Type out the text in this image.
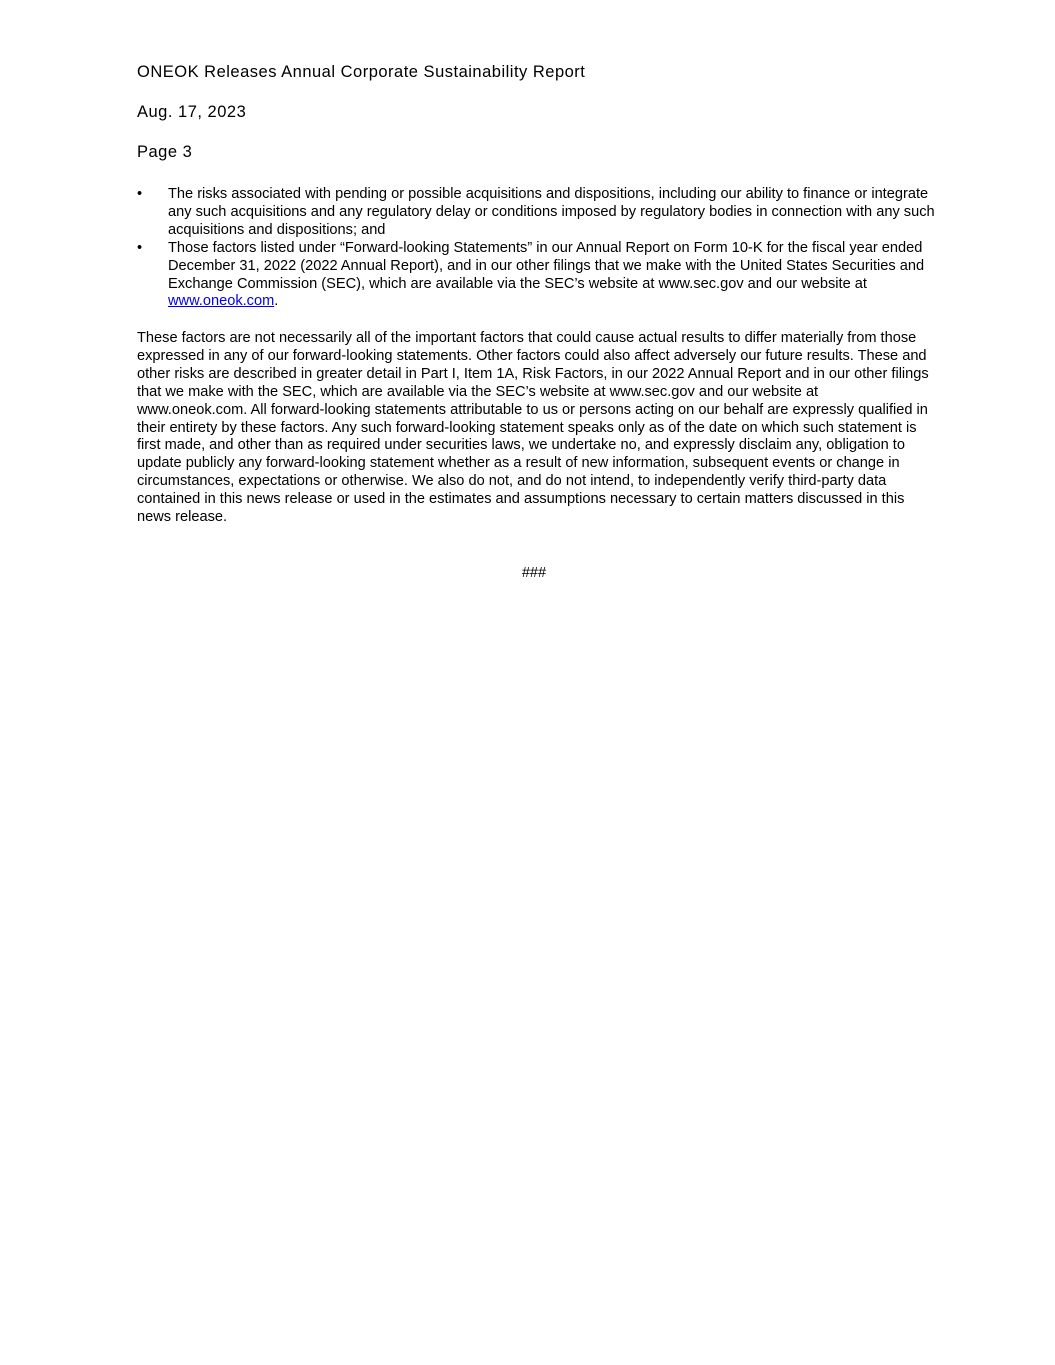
ONEOK Releases Annual Corporate Sustainability Report
Aug. 17, 2023
Page 3
•	The risks associated with pending or possible acquisitions and dispositions, including our ability to finance or integrate any such acquisitions and any regulatory delay or conditions imposed by regulatory bodies in connection with any such acquisitions and dispositions; and
•	Those factors listed under “Forward-looking Statements” in our Annual Report on Form 10-K for the fiscal year ended December 31, 2022 (2022 Annual Report), and in our other filings that we make with the United States Securities and Exchange Commission (SEC), which are available via the SEC’s website at www.sec.gov and our website at www.oneok.com.

These factors are not necessarily all of the important factors that could cause actual results to differ materially from those expressed in any of our forward-looking statements. Other factors could also affect adversely our future results. These and other risks are described in greater detail in Part I, Item 1A, Risk Factors, in our 2022 Annual Report and in our other filings that we make with the SEC, which are available via the SEC’s website at www.sec.gov and our website at www.oneok.com. All forward-looking statements attributable to us or persons acting on our behalf are expressly qualified in their entirety by these factors. Any such forward-looking statement speaks only as of the date on which such statement is first made, and other than as required under securities laws, we undertake no, and expressly disclaim any, obligation to update publicly any forward-looking statement whether as a result of new information, subsequent events or change in circumstances, expectations or otherwise. We also do not, and do not intend, to independently verify third-party data contained in this news release or used in the estimates and assumptions necessary to certain matters discussed in this news release.

###
